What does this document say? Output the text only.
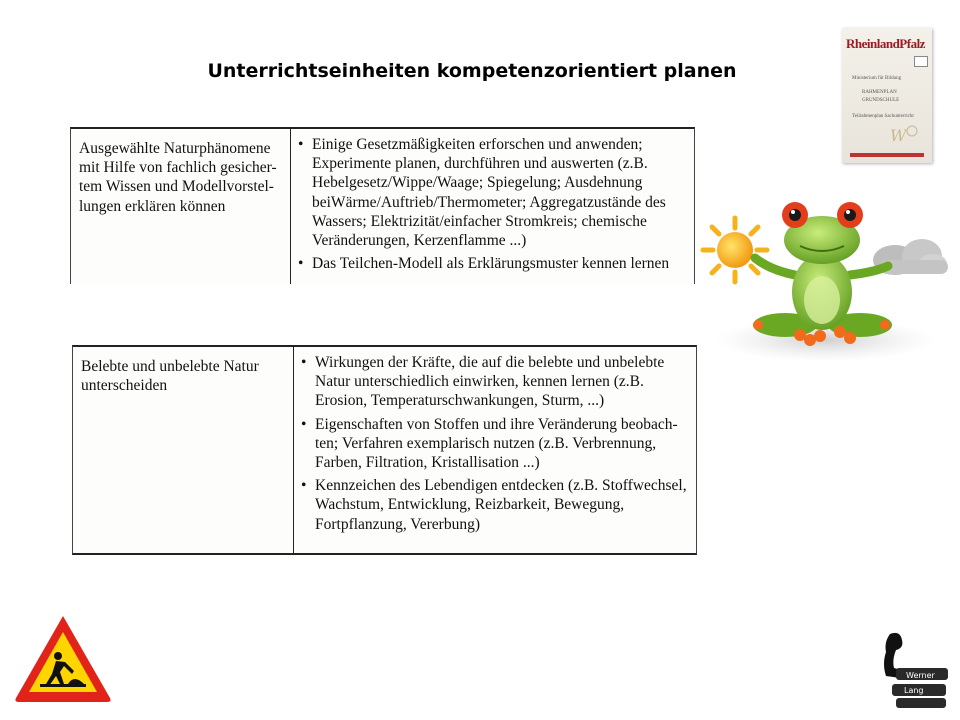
Unterrichtseinheiten kompetenzorientiert planen
RheinlandPfalz
Ministerium für Bildung
RAHMENPLAN
GRUNDSCHULE
Teilrahmenplan Sachunterricht
W
Ausgewählte Naturphänomene mit Hilfe von fachlich gesicher-tem Wissen und Modellvorstel-lungen erklären können
• Einige Gesetzmäßigkeiten erforschen und anwenden; Experimente planen, durchführen und auswerten (z.B. Hebelgesetz/Wippe/Waage; Spiegelung; Ausdehnung beiWärme/Auftrieb/Thermometer; Aggregatzustände des Wassers; Elektrizität/einfacher Stromkreis; chemische Veränderungen, Kerzenflamme ...)
• Das Teilchen-Modell als Erklärungsmuster kennen lernen
Belebte und unbelebte Natur unterscheiden
• Wirkungen der Kräfte, die auf die belebte und unbelebte Natur unterschiedlich einwirken, kennen lernen (z.B. Erosion, Temperaturschwankungen, Sturm, ...)
• Eigenschaften von Stoffen und ihre Veränderung beobach-ten; Verfahren exemplarisch nutzen (z.B. Verbrennung, Farben, Filtration, Kristallisation ...)
• Kennzeichen des Lebendigen entdecken (z.B. Stoffwechsel, Wachstum, Entwicklung, Reizbarkeit, Bewegung, Fortpflanzung, Vererbung)
Werner
Lang
